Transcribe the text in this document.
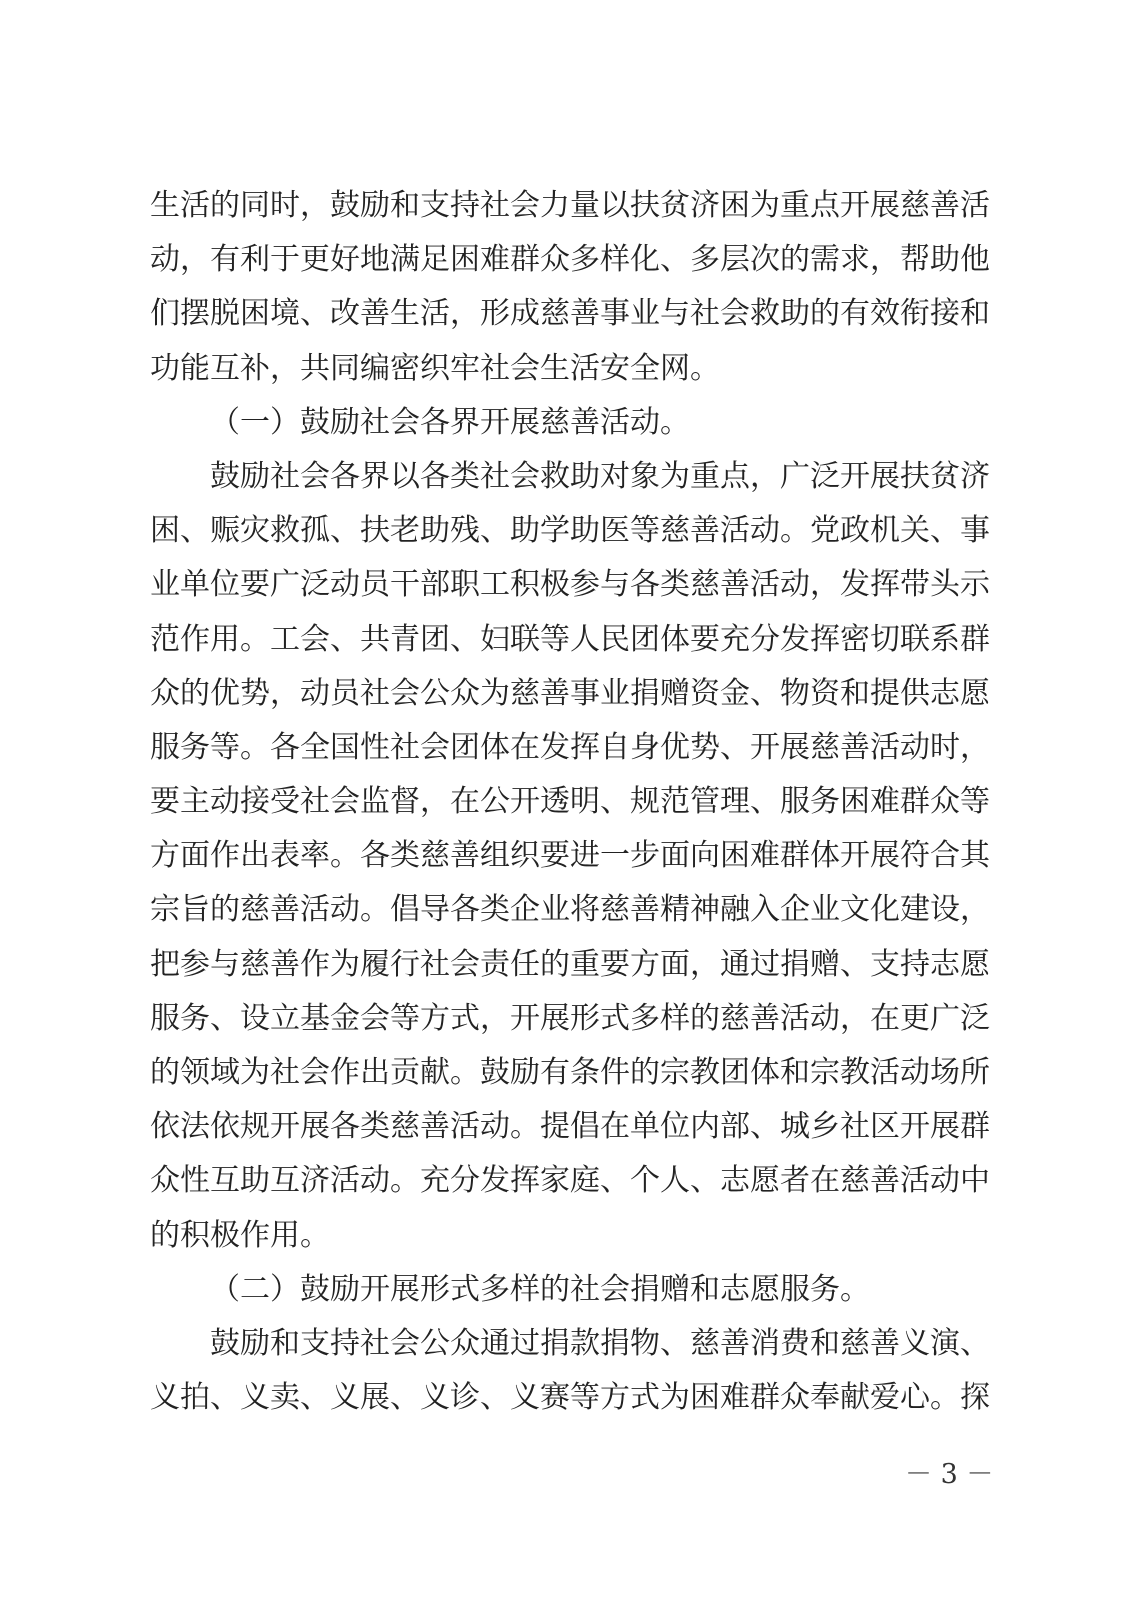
生活的同时，鼓励和支持社会力量以扶贫济困为重点开展慈善活
动，有利于更好地满足困难群众多样化、多层次的需求，帮助他
们摆脱困境、改善生活，形成慈善事业与社会救助的有效衔接和
功能互补，共同编密织牢社会生活安全网。
（一）鼓励社会各界开展慈善活动。
鼓励社会各界以各类社会救助对象为重点，广泛开展扶贫济
困、赈灾救孤、扶老助残、助学助医等慈善活动。党政机关、事
业单位要广泛动员干部职工积极参与各类慈善活动，发挥带头示
范作用。工会、共青团、妇联等人民团体要充分发挥密切联系群
众的优势，动员社会公众为慈善事业捐赠资金、物资和提供志愿
服务等。各全国性社会团体在发挥自身优势、开展慈善活动时，
要主动接受社会监督，在公开透明、规范管理、服务困难群众等
方面作出表率。各类慈善组织要进一步面向困难群体开展符合其
宗旨的慈善活动。倡导各类企业将慈善精神融入企业文化建设，
把参与慈善作为履行社会责任的重要方面，通过捐赠、支持志愿
服务、设立基金会等方式，开展形式多样的慈善活动，在更广泛
的领域为社会作出贡献。鼓励有条件的宗教团体和宗教活动场所
依法依规开展各类慈善活动。提倡在单位内部、城乡社区开展群
众性互助互济活动。充分发挥家庭、个人、志愿者在慈善活动中
的积极作用。
（二）鼓励开展形式多样的社会捐赠和志愿服务。
鼓励和支持社会公众通过捐款捐物、慈善消费和慈善义演、
义拍、义卖、义展、义诊、义赛等方式为困难群众奉献爱心。探
－ 3 －
